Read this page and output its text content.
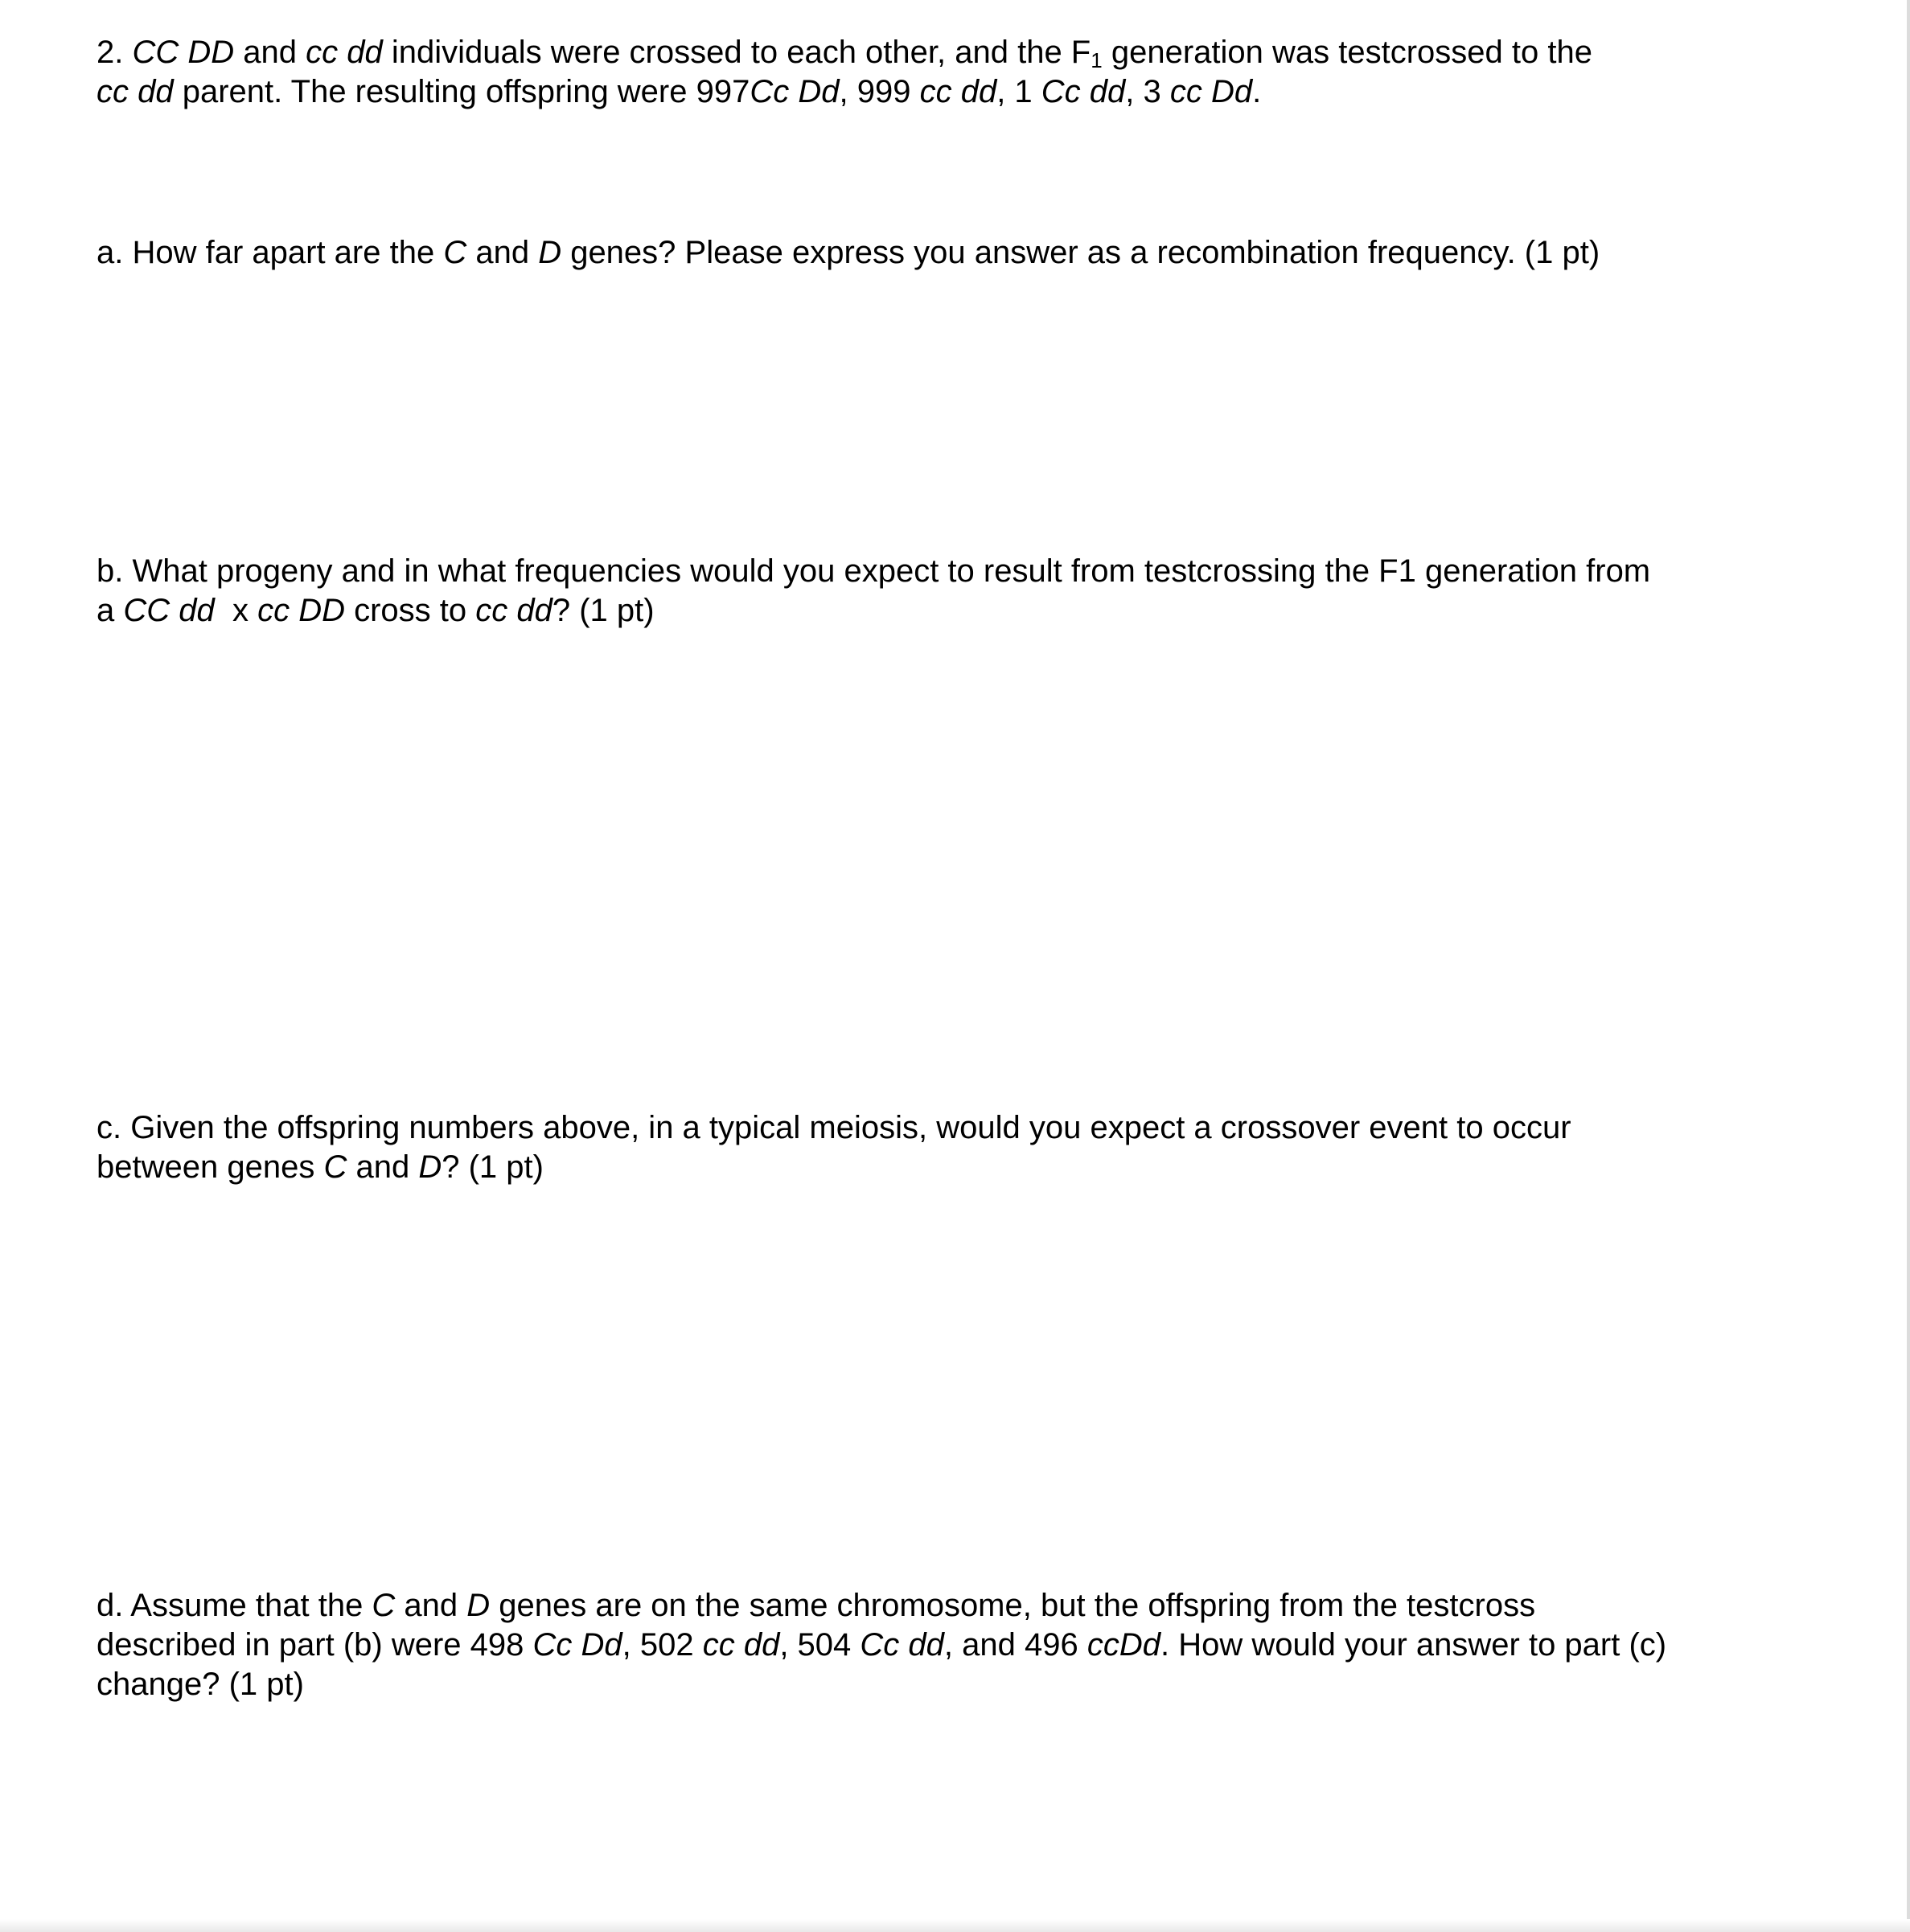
2. CC DD and cc dd individuals were crossed to each other, and the $F_1$ generation was testcrossed to the
cc dd parent. The resulting offspring were 997Cc Dd, 999 cc dd, 1 Cc dd, 3 cc Dd.

a. How far apart are the C and D genes? Please express you answer as a recombination frequency. (1 pt)

b. What progeny and in what frequencies would you expect to result from testcrossing the F1 generation from
a CC dd  x cc DD cross to cc dd? (1 pt)

c. Given the offspring numbers above, in a typical meiosis, would you expect a crossover event to occur
between genes C and D? (1 pt)

d. Assume that the C and D genes are on the same chromosome, but the offspring from the testcross
described in part (b) were 498 Cc Dd, 502 cc dd, 504 Cc dd, and 496 ccDd. How would your answer to part (c)
change? (1 pt)
